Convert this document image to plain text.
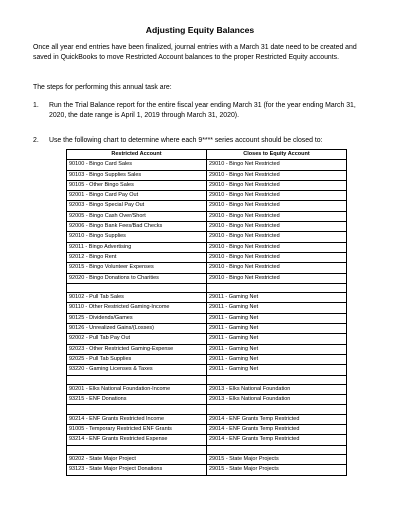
Adjusting Equity Balances
Once all year end entries have been finalized, journal entries with a March 31 date need to be created and saved in QuickBooks to move Restricted Account balances to the proper Restricted Equity accounts.
The steps for performing this annual task are:
1. Run the Trial Balance report for the entire fiscal year ending March 31 (for the year ending March 31, 2020, the date range is April 1, 2019 through March 31, 2020).
2. Use the following chart to determine where each 9**** series account should be closed to:
Restricted Account	Closes to Equity Account
90100 - Bingo Card Sales	29010 - Bingo Net Restricted
90103 - Bingo Supplies Sales	29010 - Bingo Net Restricted
90105 - Other Bingo Sales	29010 - Bingo Net Restricted
92001 - Bingo Card Pay Out	29010 - Bingo Net Restricted
92003 - Bingo Special Pay Out	29010 - Bingo Net Restricted
92005 - Bingo Cash Over/Short	29010 - Bingo Net Restricted
92006 - Bingo Bank Fees/Bad Checks	29010 - Bingo Net Restricted
92010 - Bingo Supplies	29010 - Bingo Net Restricted
92011 - Bingo Advertising	29010 - Bingo Net Restricted
92012 - Bingo Rent	29010 - Bingo Net Restricted
92015 - Bingo Volunteer Expenses	29010 - Bingo Net Restricted
92020 - Bingo Donations to Charities	29010 - Bingo Net Restricted

90102 - Pull Tab Sales	29011 - Gaming Net
90110 - Other Restricted Gaming-Income	29011 - Gaming Net
90125 - Dividends/Games	29011 - Gaming Net
90126 - Unrealized Gains/(Losses)	29011 - Gaming Net
92002 - Pull Tab Pay Out	29011 - Gaming Net
92023 - Other Restricted Gaming-Expense	29011 - Gaming Net
92025 - Pull Tab Supplies	29011 - Gaming Net
93220 - Gaming Licenses & Taxes	29011 - Gaming Net

90201 - Elks National Foundation-Income	29013 - Elks National Foundation
93215 - ENF Donations	29013 - Elks National Foundation

90214 - ENF Grants Restricted Income	29014 - ENF Grants Temp Restricted
91005 - Temporary Restricted ENF Grants	29014 - ENF Grants Temp Restricted
93214 - ENF Grants Restricted Expense	29014 - ENF Grants Temp Restricted

90202 - State Major Project	29015 - State Major Projects
93123 - State Major Project Donations	29015 - State Major Projects
